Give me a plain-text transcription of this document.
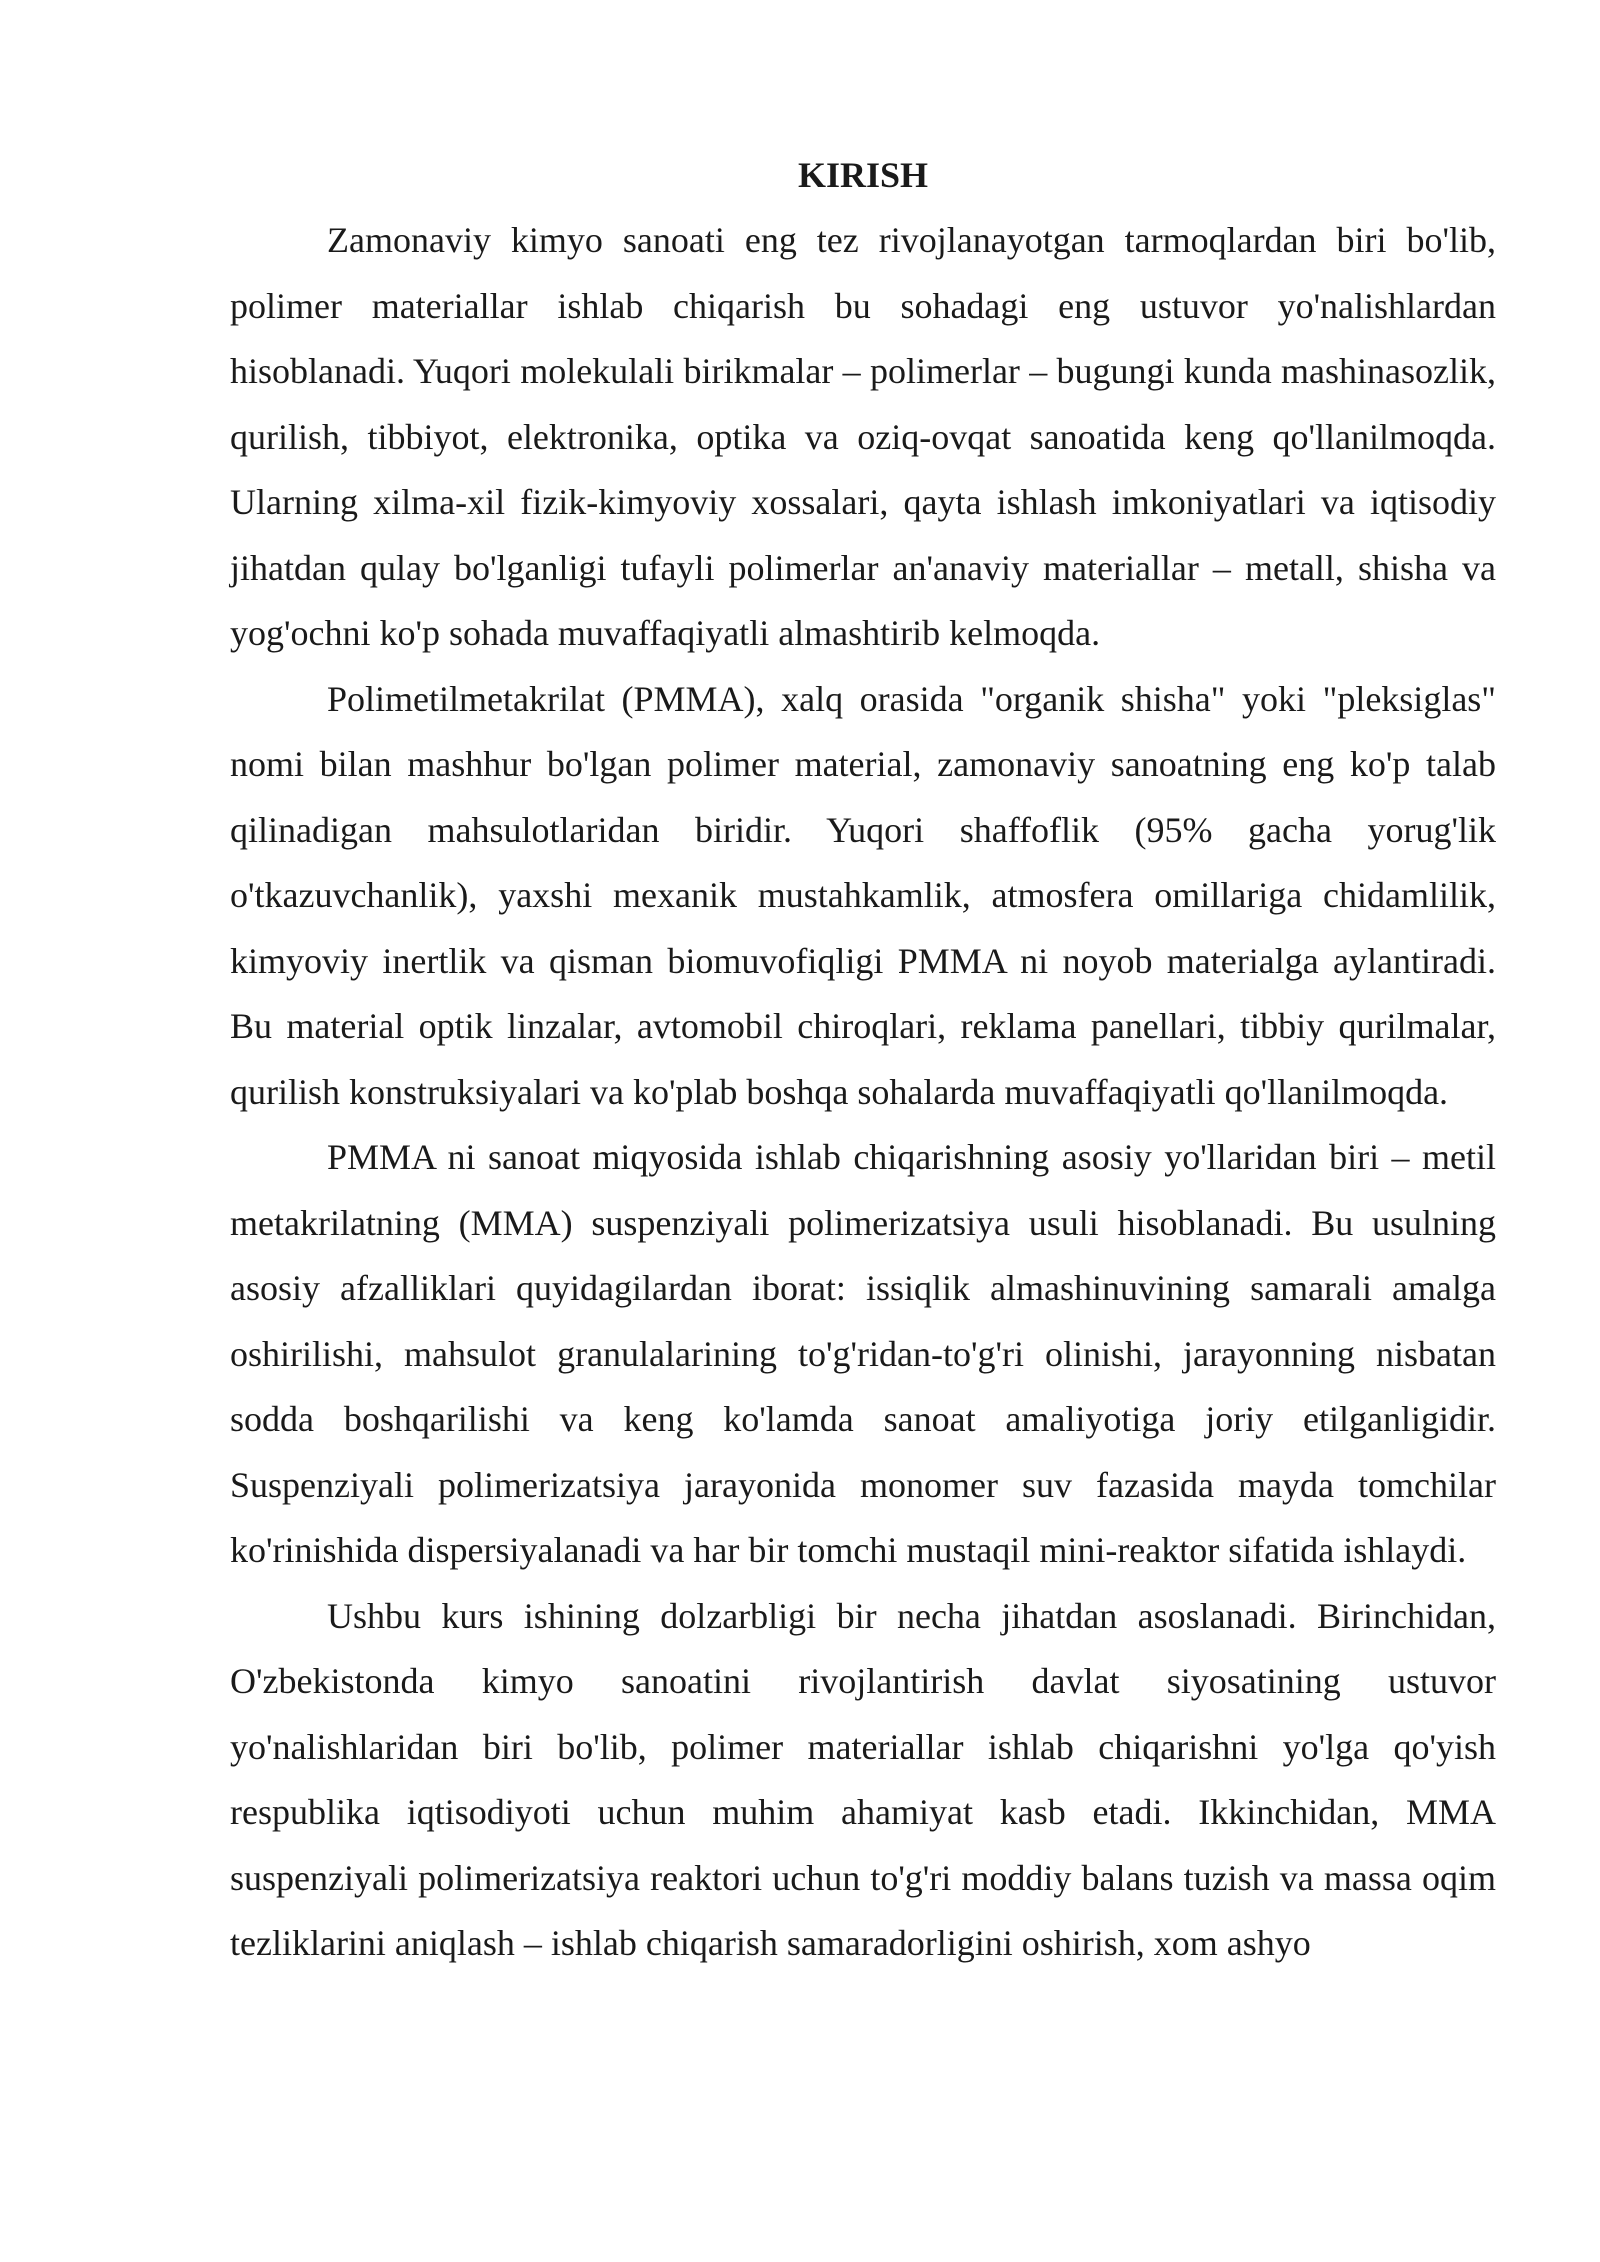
KIRISH

Zamonaviy kimyo sanoati eng tez rivojlanayotgan tarmoqlardan biri bo'lib, polimer materiallar ishlab chiqarish bu sohadagi eng ustuvor yo'nalishlardan hisoblanadi. Yuqori molekulali birikmalar – polimerlar – bugungi kunda mashinasozlik, qurilish, tibbiyot, elektronika, optika va oziq-ovqat sanoatida keng qo'llanilmoqda. Ularning xilma-xil fizik-kimyoviy xossalari, qayta ishlash imkoniyatlari va iqtisodiy jihatdan qulay bo'lganligi tufayli polimerlar an'anaviy materiallar – metall, shisha va yog'ochni ko'p sohada muvaffaqiyatli almashtirib kelmoqda.

Polimetilmetakrilat (PMMA), xalq orasida "organik shisha" yoki "pleksiglas" nomi bilan mashhur bo'lgan polimer material, zamonaviy sanoatning eng ko'p talab qilinadigan mahsulotlaridan biridir. Yuqori shaffoflik (95% gacha yorug'lik o'tkazuvchanlik), yaxshi mexanik mustahkamlik, atmosfera omillariga chidamlilik, kimyoviy inertlik va qisman biomuvofiqligi PMMA ni noyob materialga aylantiradi. Bu material optik linzalar, avtomobil chiroqlari, reklama panellari, tibbiy qurilmalar, qurilish konstruksiyalari va ko'plab boshqa sohalarda muvaffaqiyatli qo'llanilmoqda.

PMMA ni sanoat miqyosida ishlab chiqarishning asosiy yo'llaridan biri – metil metakrilatning (MMA) suspenziyali polimerizatsiya usuli hisoblanadi. Bu usulning asosiy afzalliklari quyidagilardan iborat: issiqlik almashinuvining samarali amalga oshirilishi, mahsulot granulalarining to'g'ridan-to'g'ri olinishi, jarayonning nisbatan sodda boshqarilishi va keng ko'lamda sanoat amaliyotiga joriy etilganligidir. Suspenziyali polimerizatsiya jarayonida monomer suv fazasida mayda tomchilar ko'rinishida dispersiyalanadi va har bir tomchi mustaqil mini-reaktor sifatida ishlaydi.

Ushbu kurs ishining dolzarbligi bir necha jihatdan asoslanadi. Birinchidan, O'zbekistonda kimyo sanoatini rivojlantirish davlat siyosatining ustuvor yo'nalishlaridan biri bo'lib, polimer materiallar ishlab chiqarishni yo'lga qo'yish respublika iqtisodiyoti uchun muhim ahamiyat kasb etadi. Ikkinchidan, MMA suspenziyali polimerizatsiya reaktori uchun to'g'ri moddiy balans tuzish va massa oqim tezliklarini aniqlash – ishlab chiqarish samaradorligini oshirish, xom ashyo
